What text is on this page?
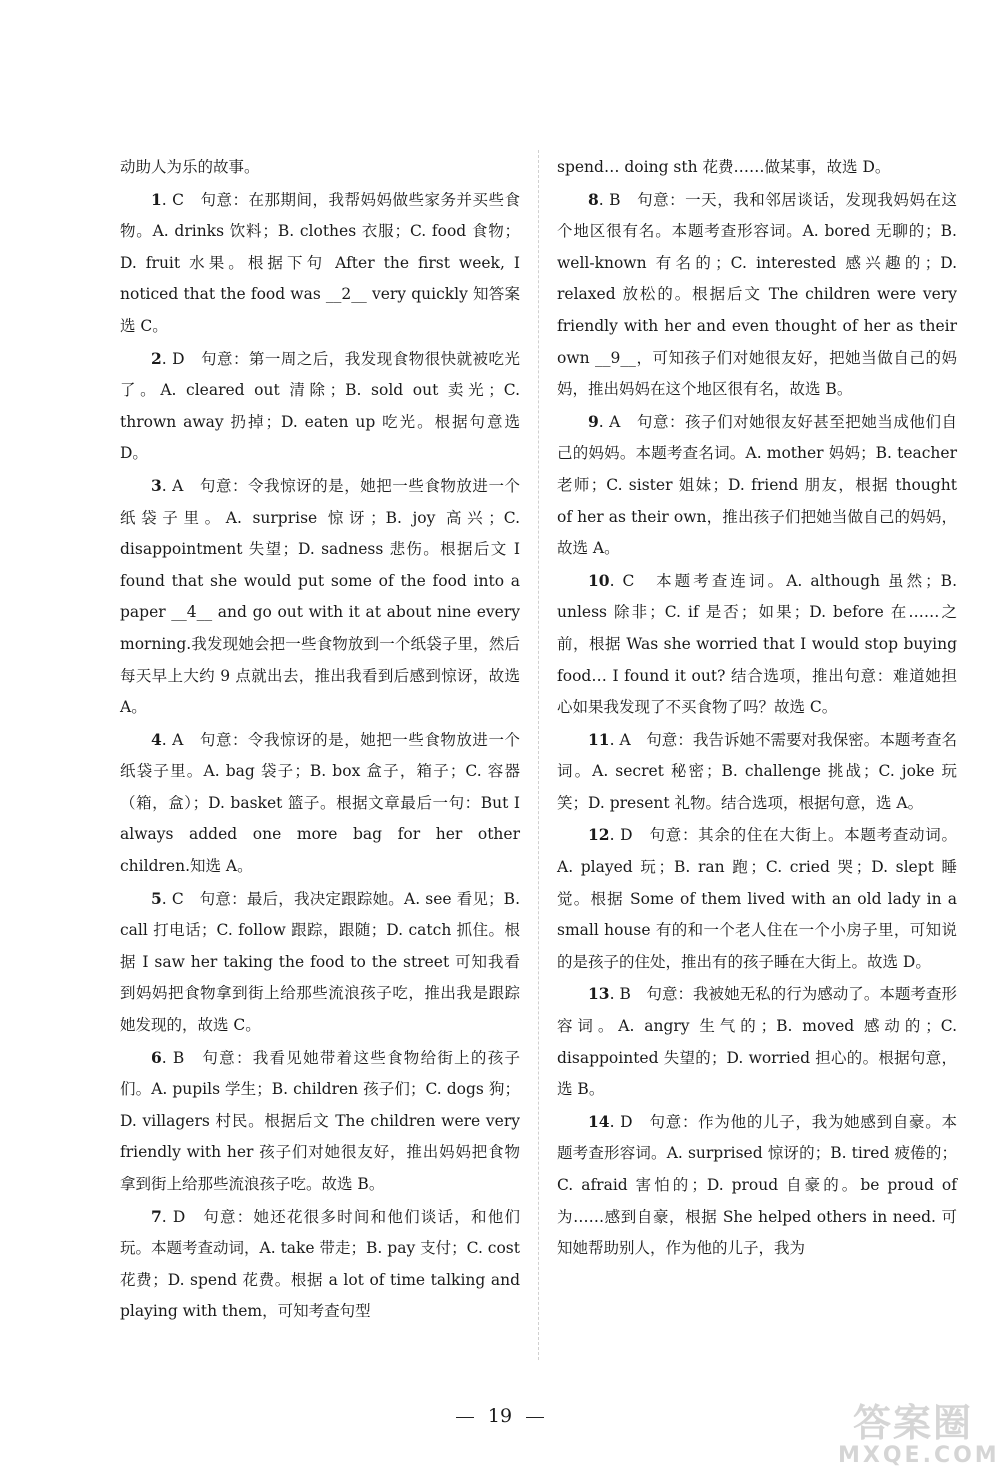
动助人为乐的故事。

1. C　句意：在那期间，我帮妈妈做些家务并买些食物。A. drinks 饮料；B. clothes 衣服；C. food 食物；D. fruit 水果。根据下句 After the first week, I noticed that the food was __2__ very quickly 知答案选 C。

2. D　句意：第一周之后，我发现食物很快就被吃光了。A. cleared out 清除；B. sold out 卖光；C. thrown away 扔掉；D. eaten up 吃光。根据句意选 D。

3. A　句意：令我惊讶的是，她把一些食物放进一个纸袋子里。A. surprise 惊讶；B. joy 高兴；C. disappointment 失望；D. sadness 悲伤。根据后文 I found that she would put some of the food into a paper __4__ and go out with it at about nine every morning.我发现她会把一些食物放到一个纸袋子里，然后每天早上大约 9 点就出去，推出我看到后感到惊讶，故选 A。

4. A　句意：令我惊讶的是，她把一些食物放进一个纸袋子里。A. bag 袋子；B. box 盒子，箱子；C. 容器（箱，盒）；D. basket 篮子。根据文章最后一句：But I always added one more bag for her other children.知选 A。

5. C　句意：最后，我决定跟踪她。A. see 看见；B. call 打电话；C. follow 跟踪，跟随；D. catch 抓住。根据 I saw her taking the food to the street 可知我看到妈妈把食物拿到街上给那些流浪孩子吃，推出我是跟踪她发现的，故选 C。

6. B　句意：我看见她带着这些食物给街上的孩子们。A. pupils 学生；B. children 孩子们；C. dogs 狗；D. villagers 村民。根据后文 The children were very friendly with her 孩子们对她很友好，推出妈妈把食物拿到街上给那些流浪孩子吃。故选 B。

7. D　句意：她还花很多时间和他们谈话，和他们玩。本题考查动词，A. take 带走；B. pay 支付；C. cost 花费；D. spend 花费。根据 a lot of time talking and playing with them，可知考查句型

spend… doing sth 花费……做某事，故选 D。

8. B　句意：一天，我和邻居谈话，发现我妈妈在这个地区很有名。本题考查形容词。A. bored 无聊的；B. well-known 有名的；C. interested 感兴趣的；D. relaxed 放松的。根据后文 The children were very friendly with her and even thought of her as their own __9__，可知孩子们对她很友好，把她当做自己的妈妈，推出妈妈在这个地区很有名，故选 B。

9. A　句意：孩子们对她很友好甚至把她当成他们自己的妈妈。本题考查名词。A. mother 妈妈；B. teacher 老师；C. sister 姐妹；D. friend 朋友，根据 thought of her as their own，推出孩子们把她当做自己的妈妈，故选 A。

10. C　本题考查连词。A. although 虽然；B. unless 除非；C. if 是否；如果；D. before 在……之前，根据 Was she worried that I would stop buying food… I found it out? 结合选项，推出句意：难道她担心如果我发现了不买食物了吗？故选 C。

11. A　句意：我告诉她不需要对我保密。本题考查名词。A. secret 秘密；B. challenge 挑战；C. joke 玩笑；D. present 礼物。结合选项，根据句意，选 A。

12. D　句意：其余的住在大街上。本题考查动词。A. played 玩；B. ran 跑；C. cried 哭；D. slept 睡觉。根据 Some of them lived with an old lady in a small house 有的和一个老人住在一个小房子里，可知说的是孩子的住处，推出有的孩子睡在大街上。故选 D。

13. B　句意：我被她无私的行为感动了。本题考查形容词。A. angry 生气的；B. moved 感动的；C. disappointed 失望的；D. worried 担心的。根据句意，选 B。

14. D　句意：作为他的儿子，我为她感到自豪。本题考查形容词。A. surprised 惊讶的；B. tired 疲倦的；C. afraid 害怕的；D. proud 自豪的。be proud of 为……感到自豪，根据 She helped others in need. 可知她帮助别人，作为他的儿子，我为

19	答案圈
MXQE.COM
